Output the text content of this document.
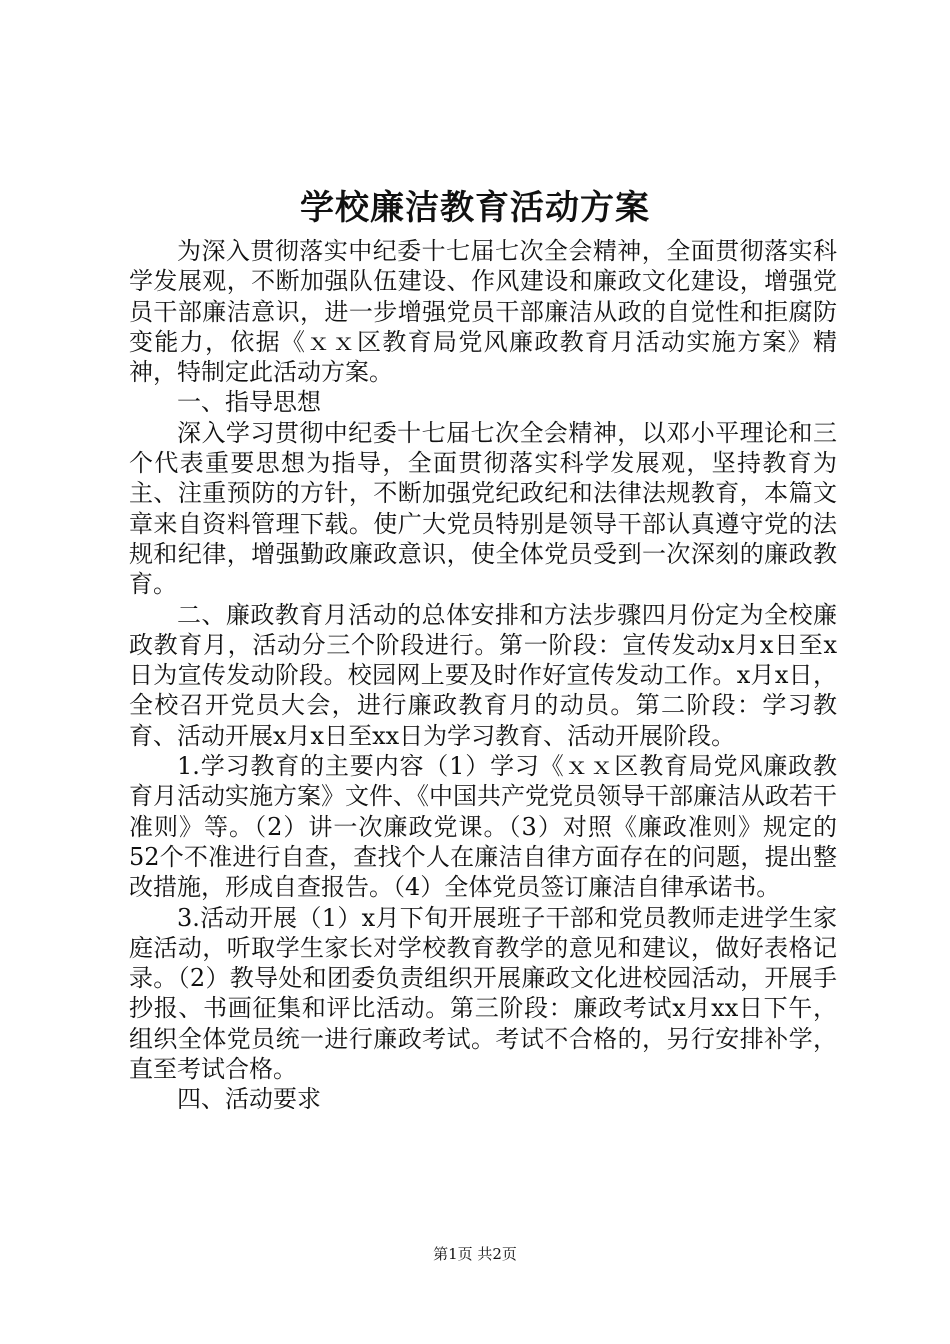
学校廉洁教育活动方案

为深入贯彻落实中纪委十七届七次全会精神，全面贯彻落实科学发展观，不断加强队伍建设、作风建设和廉政文化建设，增强党员干部廉洁意识，进一步增强党员干部廉洁从政的自觉性和拒腐防变能力，依据《ｘｘ区教育局党风廉政教育月活动实施方案》精神，特制定此活动方案。

一、指导思想

深入学习贯彻中纪委十七届七次全会精神，以邓小平理论和三个代表重要思想为指导，全面贯彻落实科学发展观，坚持教育为主、注重预防的方针，不断加强党纪政纪和法律法规教育，本篇文章来自资料管理下载。使广大党员特别是领导干部认真遵守党的法规和纪律，增强勤政廉政意识，使全体党员受到一次深刻的廉政教育。

二、廉政教育月活动的总体安排和方法步骤四月份定为全校廉政教育月，活动分三个阶段进行。第一阶段：宣传发动x月x日至x日为宣传发动阶段。校园网上要及时作好宣传发动工作。x月x日，全校召开党员大会，进行廉政教育月的动员。第二阶段：学习教育、活动开展x月x日至xx日为学习教育、活动开展阶段。

1.学习教育的主要内容（1）学习《ｘｘ区教育局党风廉政教育月活动实施方案》文件、《中国共产党党员领导干部廉洁从政若干准则》等。（2）讲一次廉政党课。（3）对照《廉政准则》规定的52个不准进行自查，查找个人在廉洁自律方面存在的问题，提出整改措施，形成自查报告。（4）全体党员签订廉洁自律承诺书。

3.活动开展（1）x月下旬开展班子干部和党员教师走进学生家庭活动，听取学生家长对学校教育教学的意见和建议，做好表格记录。（2）教导处和团委负责组织开展廉政文化进校园活动，开展手抄报、书画征集和评比活动。第三阶段：廉政考试x月xx日下午，组织全体党员统一进行廉政考试。考试不合格的，另行安排补学，直至考试合格。

四、活动要求

第1页 共2页
